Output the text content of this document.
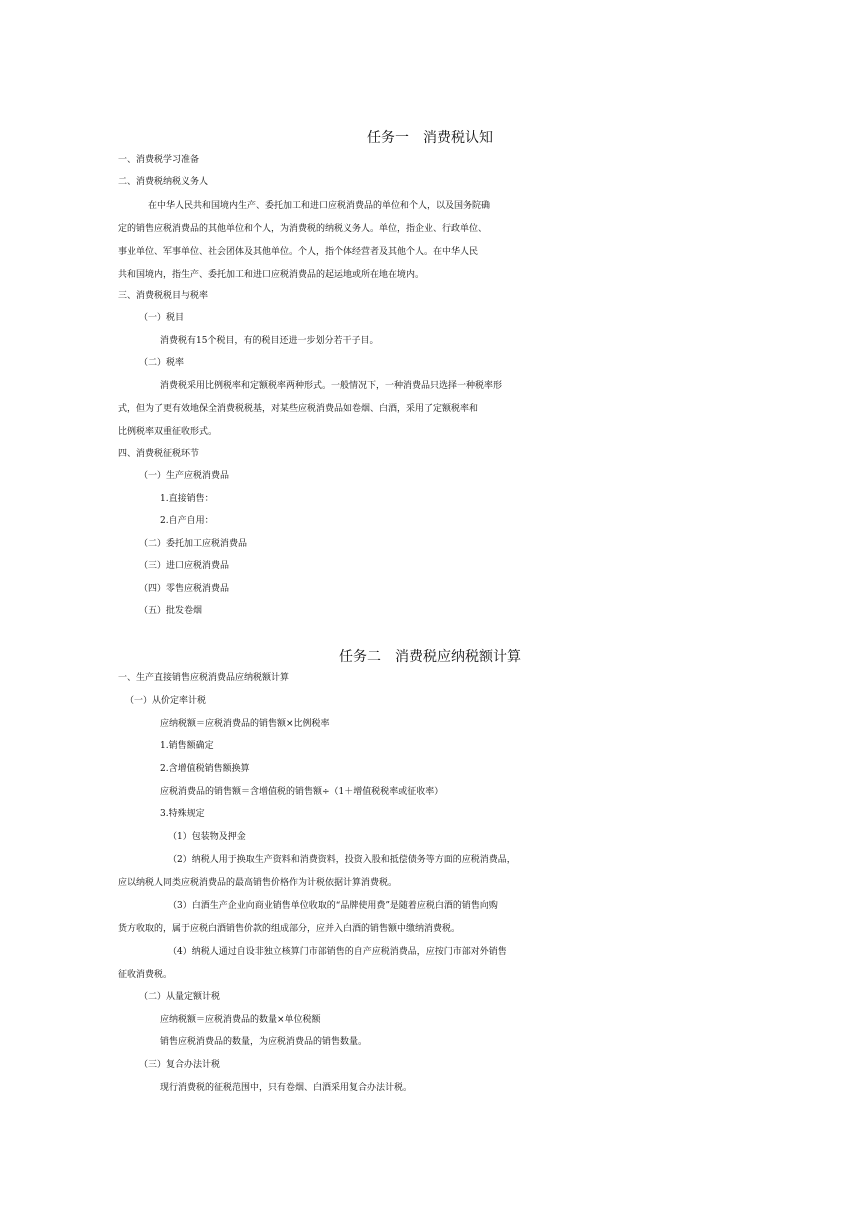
任务一　消费税认知

一、消费税学习准备

二、消费税纳税义务人

在中华人民共和国境内生产、委托加工和进口应税消费品的单位和个人，以及国务院确

定的销售应税消费品的其他单位和个人，为消费税的纳税义务人。单位，指企业、行政单位、

事业单位、军事单位、社会团体及其他单位。个人，指个体经营者及其他个人。在中华人民

共和国境内，指生产、委托加工和进口应税消费品的起运地或所在地在境内。

三、消费税税目与税率

（一）税目

消费税有15个税目，有的税目还进一步划分若干子目。

（二）税率

消费税采用比例税率和定额税率两种形式。一般情况下，一种消费品只选择一种税率形

式，但为了更有效地保全消费税税基，对某些应税消费品如卷烟、白酒，采用了定额税率和

比例税率双重征收形式。

四、消费税征税环节

（一）生产应税消费品

1.直接销售：

2.自产自用：

（二）委托加工应税消费品

（三）进口应税消费品

（四）零售应税消费品

（五）批发卷烟

任务二　消费税应纳税额计算

一、生产直接销售应税消费品应纳税额计算

（一）从价定率计税

应纳税额＝应税消费品的销售额×比例税率

1.销售额确定

2.含增值税销售额换算

应税消费品的销售额＝含增值税的销售额÷（1＋增值税税率或征收率）

3.特殊规定

（1）包装物及押金

（2）纳税人用于换取生产资料和消费资料，投资入股和抵偿债务等方面的应税消费品，

应以纳税人同类应税消费品的最高销售价格作为计税依据计算消费税。

（3）白酒生产企业向商业销售单位收取的“品牌使用费”是随着应税白酒的销售向购

货方收取的，属于应税白酒销售价款的组成部分，应并入白酒的销售额中缴纳消费税。

（4）纳税人通过自设非独立核算门市部销售的自产应税消费品，应按门市部对外销售

征收消费税。

（二）从量定额计税

应纳税额＝应税消费品的数量×单位税额

销售应税消费品的数量，为应税消费品的销售数量。

（三）复合办法计税

现行消费税的征税范围中，只有卷烟、白酒采用复合办法计税。
